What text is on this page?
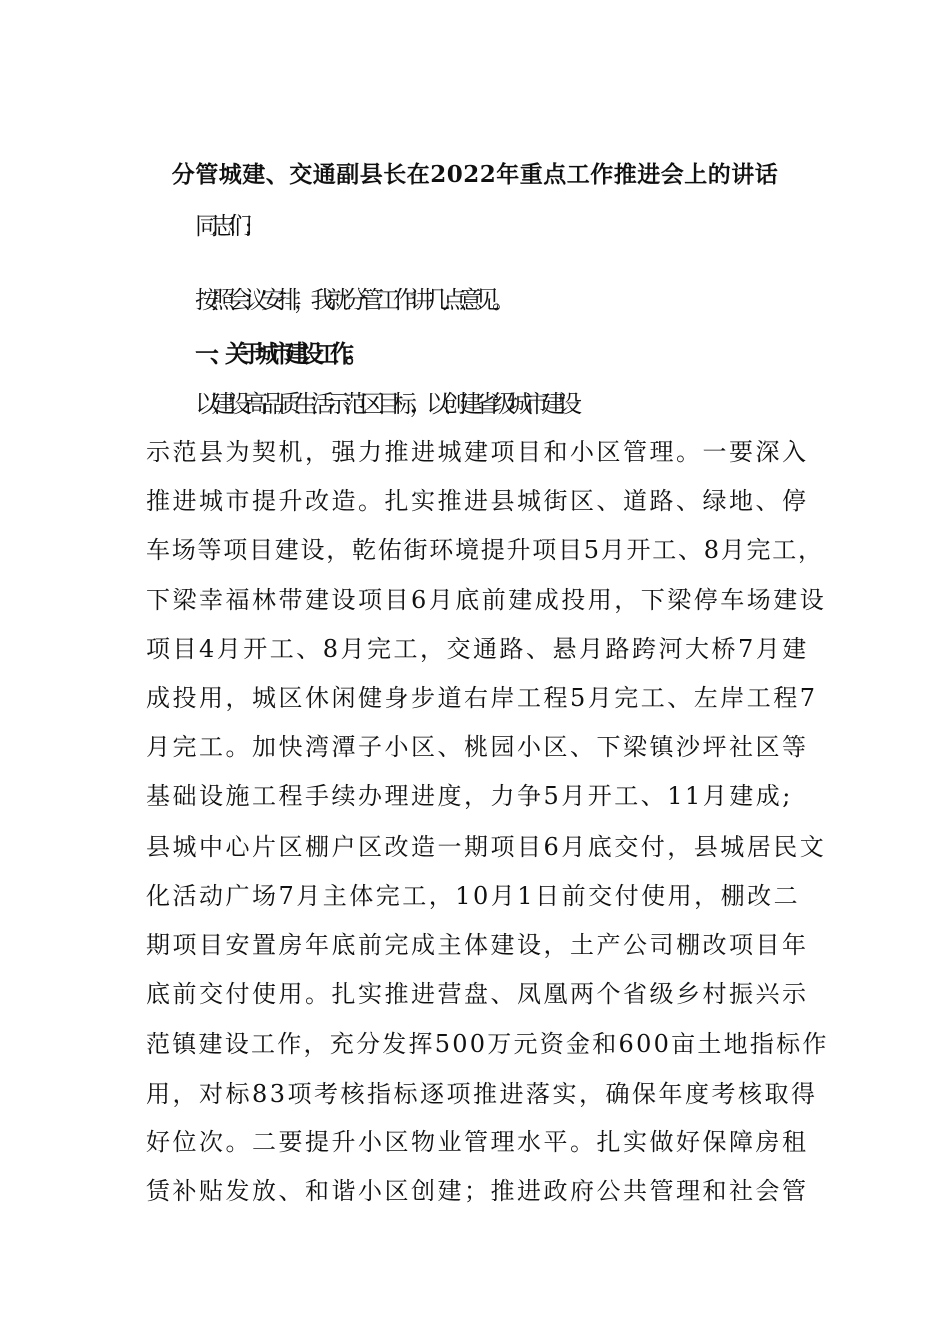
分管城建、交通副县长在2022年重点工作推进会上的讲话
同志们:
按照会议安排，我就分管工作讲几点意见。
一、关于城市建设工作。
以建设高品质生活示范区目标，以创建省级城市建设
示范县为契机，强力推进城建项目和小区管理。一要深入
推进城市提升改造。扎实推进县城街区、道路、绿地、停
车场等项目建设，乾佑街环境提升项目5月开工、8月完工，
下梁幸福林带建设项目6月底前建成投用，下梁停车场建设
项目4月开工、8月完工，交通路、悬月路跨河大桥7月建
成投用，城区休闲健身步道右岸工程5月完工、左岸工程7
月完工。加快湾潭子小区、桃园小区、下梁镇沙坪社区等
基础设施工程手续办理进度，力争5月开工、11月建成;
县城中心片区棚户区改造一期项目6月底交付，县城居民文
化活动广场7月主体完工，10月1日前交付使用，棚改二
期项目安置房年底前完成主体建设，土产公司棚改项目年
底前交付使用。扎实推进营盘、凤凰两个省级乡村振兴示
范镇建设工作，充分发挥500万元资金和600亩土地指标作
用，对标83项考核指标逐项推进落实，确保年度考核取得
好位次。二要提升小区物业管理水平。扎实做好保障房租
赁补贴发放、和谐小区创建；推进政府公共管理和社会管
